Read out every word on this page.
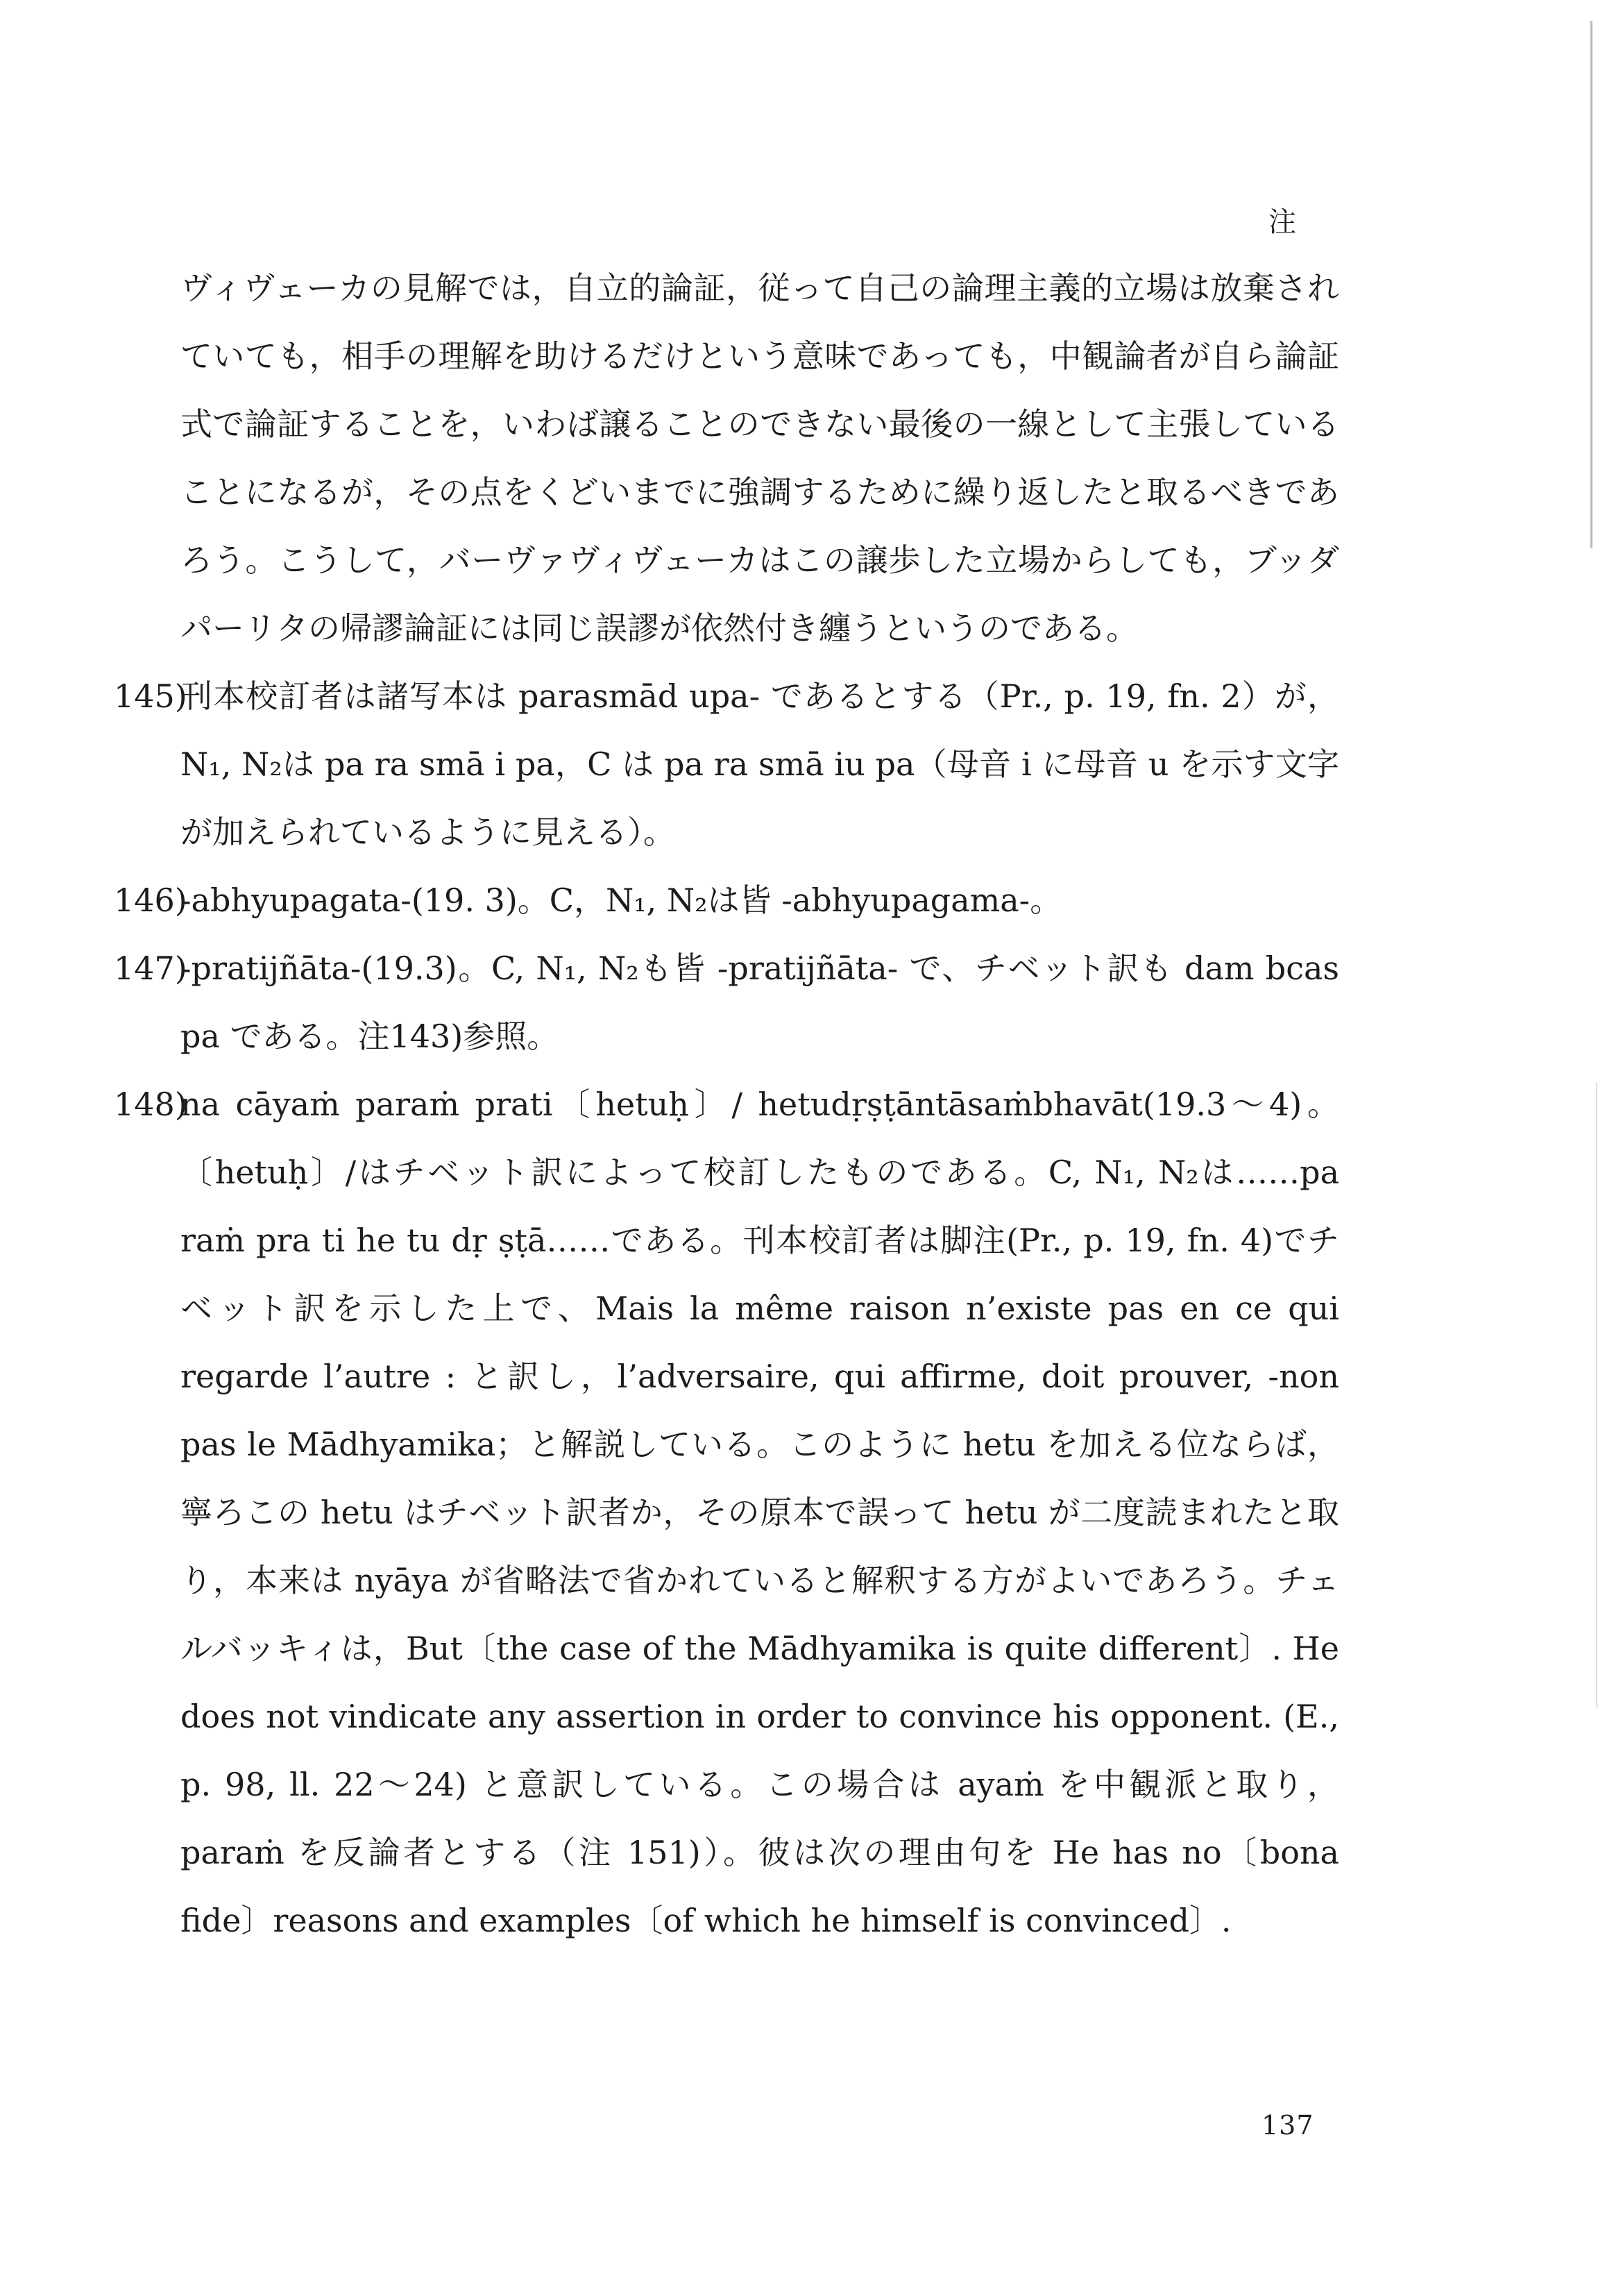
注

ヴィヴェーカの見解では，自立的論証，従って自己の論理主義的立場は放棄されていても，相手の理解を助けるだけという意味であっても，中観論者が自ら論証式で論証することを，いわば譲ることのできない最後の一線として主張していることになるが，その点をくどいまでに強調するために繰り返したと取るべきであろう。こうして，バーヴァヴィヴェーカはこの譲歩した立場からしても，ブッダパーリタの帰謬論証には同じ誤謬が依然付き纏うというのである。

145)
刊本校訂者は諸写本は parasmād upa- であるとする（Pr., p. 19, fn. 2）が，N₁, N₂は pa ra smā i pa，C は pa ra smā iu pa（母音 i に母音 u を示す文字が加えられているように見える）。
146)
-abhyupagata-(19. 3)。C，N₁, N₂は皆 -abhyupagama-。
147)
-pratijñāta-(19.3)。C, N₁, N₂も皆 -pratijñāta- で、チベット訳も dam bcas pa である。注143)参照。
148)
na cāyaṁ paraṁ prati〔hetuḥ〕/ hetudṛṣṭāntāsaṁbhavāt(19.3～4)。〔hetuḥ〕/はチベット訳によって校訂したものである。C, N₁, N₂は……pa raṁ pra ti he tu dṛ ṣṭā……である。刊本校訂者は脚注(Pr., p. 19, fn. 4)でチベット訳を示した上で、Mais la même raison n’existe pas en ce qui regarde l’autre : と訳し，l’adversaire, qui affirme, doit prouver, ‐non pas le Mādhyamika；と解説している。このように hetu を加える位ならば，寧ろこの hetu はチベット訳者か，その原本で誤って hetu が二度読まれたと取り，本来は nyāya が省略法で省かれていると解釈する方がよいであろう。チェルバッキィは，But〔the case of the Mādhyamika is quite different〕. He does not vindicate any assertion in order to convince his opponent. (E., p. 98, ll. 22～24) と意訳している。この場合は ayaṁ を中観派と取り，paraṁ を反論者とする（注 151)）。彼は次の理由句を He has no〔bona fide〕reasons and examples〔of which he himself is convinced〕.
137
